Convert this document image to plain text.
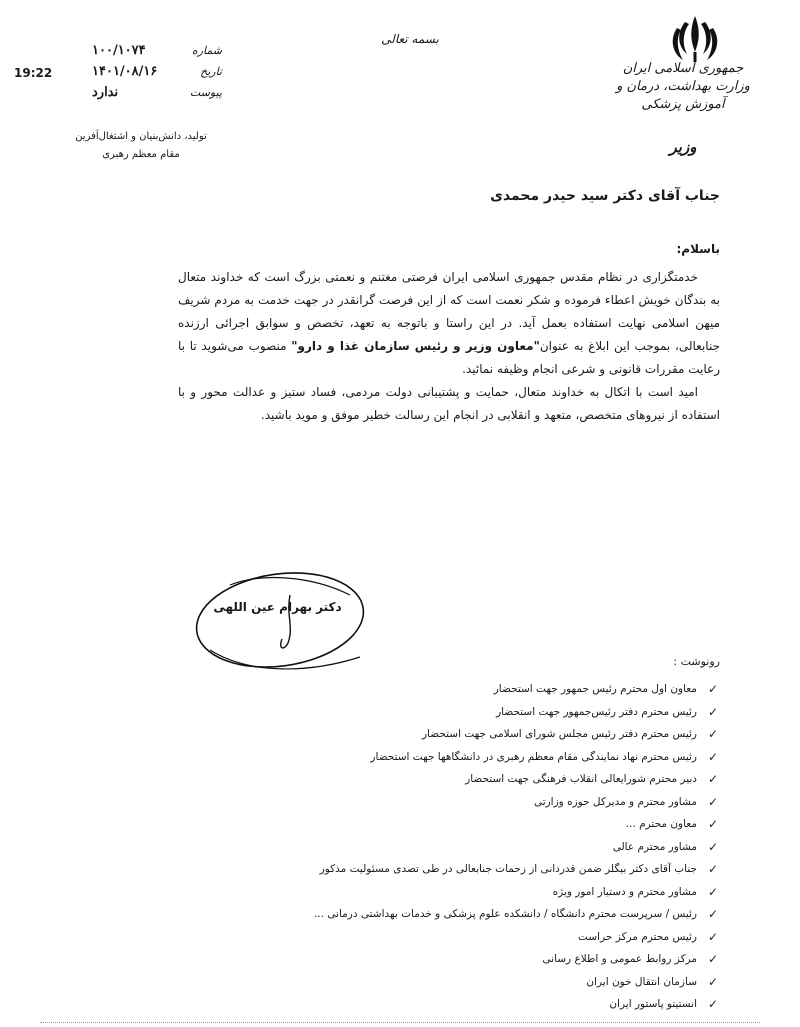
جمهوری اسلامی ایران
وزارت بهداشت، درمان و آموزش پزشکی
وزیر
بسمه تعالی
شماره
۱۰۰/۱۰۷۴
تاریخ
۱۴۰۱/۰۸/۱۶
پیوست
ندارد
19:22
تولید، دانش‌بنیان و اشتغال‌آفرین
مقام معظم رهبری
جناب آقای دکتر سید حیدر محمدی
باسلام:

خدمتگزاری در نظام مقدس جمهوری اسلامی ایران فرصتی مغتنم و نعمتی بزرگ است که خداوند متعال به بندگان خویش اعطاء فرموده و شکر نعمت است که از این فرصت گرانقدر در جهت خدمت به مردم شریف میهن اسلامی نهایت استفاده بعمل آید. در این راستا و باتوجه به تعهد، تخصص و سوابق اجرائی ارزنده جنابعالی، بموجب این ابلاغ به عنوان"معاون وزیر و رئیس سازمان غذا و دارو" منصوب می‌شوید تا با رعایت مقررات قانونی و شرعی انجام وظیفه نمائید.

امید است با اتکال به خداوند متعال، حمایت و پشتیبانی دولت مردمی، فساد ستیز و عدالت محور و با استفاده از نیروهای متخصص، متعهد و انقلابی در انجام این رسالت خطیر موفق و موید باشید.

دکتر بهرام عین اللهی
رونوشت :
✓
معاون اول محترم رئیس جمهور جهت استحضار
✓
رئیس محترم دفتر رئیس‌جمهور جهت استحضار
✓
رئیس محترم دفتر رئیس مجلس شورای اسلامی جهت استحضار
✓
رئیس محترم نهاد نمایندگی مقام معظم رهبری در دانشگاهها جهت استحضار
✓
دبیر محترم شورایعالی انقلاب فرهنگی جهت استحضار
✓
مشاور محترم و مدیرکل حوزه وزارتی
✓
معاون محترم ...
✓
مشاور محترم عالی
✓
جناب آقای دکتر بیگلر ضمن قدردانی از زحمات جنابعالی در طی تصدی مسئولیت مذکور
✓
مشاور محترم و دستیار امور ویژه
✓
رئیس / سرپرست محترم دانشگاه / دانشکده علوم پزشکی و خدمات بهداشتی درمانی ...
✓
رئیس محترم مرکز حراست
✓
مرکز روابط عمومی و اطلاع رسانی
✓
سازمان انتقال خون ایران
✓
انستیتو پاستور ایران
